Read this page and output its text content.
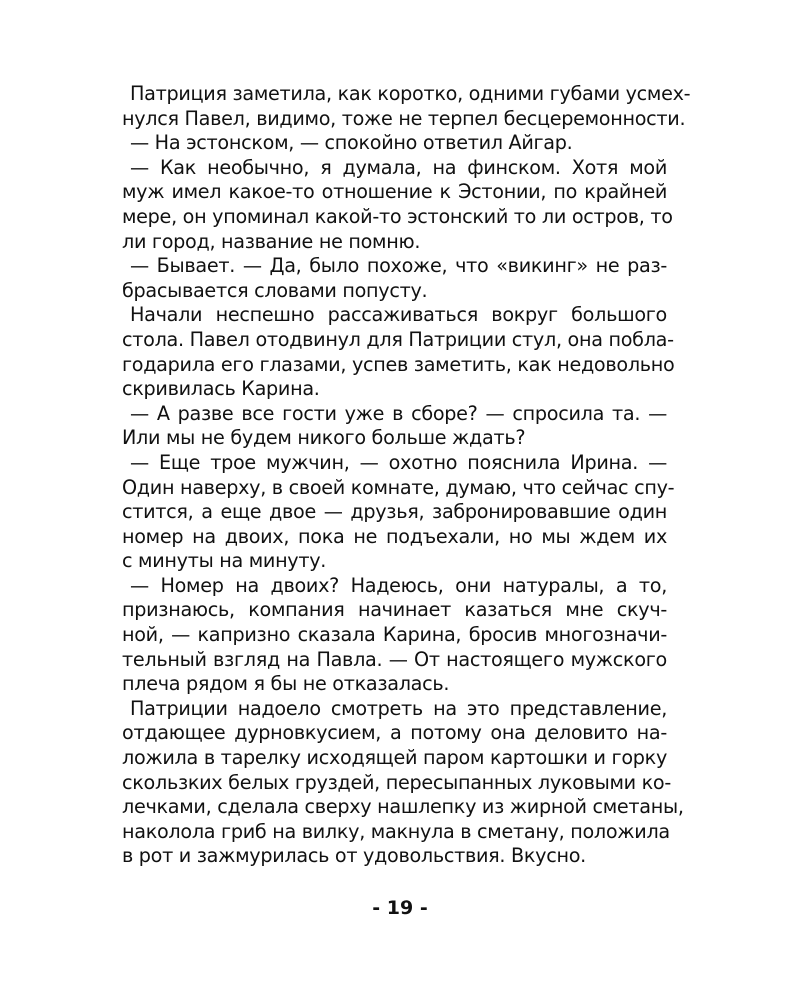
Патриция заметила, как коротко, одними губами усмех-
нулся Павел, видимо, тоже не терпел бесцеремонности.
— На эстонском, — спокойно ответил Айгар.
— Как необычно, я думала, на финском. Хотя мой
муж имел какое-то отношение к Эстонии, по крайней
мере, он упоминал какой-то эстонский то ли остров, то
ли город, название не помню.
— Бывает. — Да, было похоже, что «викинг» не раз-
брасывается словами попусту.
Начали неспешно рассаживаться вокруг большого
стола. Павел отодвинул для Патриции стул, она побла-
годарила его глазами, успев заметить, как недовольно
скривилась Карина.
— А разве все гости уже в сборе? — спросила та. —
Или мы не будем никого больше ждать?
— Еще трое мужчин, — охотно пояснила Ирина. —
Один наверху, в своей комнате, думаю, что сейчас спу-
стится, а еще двое — друзья, забронировавшие один
номер на двоих, пока не подъехали, но мы ждем их
с минуты на минуту.
— Номер на двоих? Надеюсь, они натуралы, а то,
признаюсь, компания начинает казаться мне скуч-
ной, — капризно сказала Карина, бросив многозначи-
тельный взгляд на Павла. — От настоящего мужского
плеча рядом я бы не отказалась.
Патриции надоело смотреть на это представление,
отдающее дурновкусием, а потому она деловито на-
ложила в тарелку исходящей паром картошки и горку
скользких белых груздей, пересыпанных луковыми ко-
лечками, сделала сверху нашлепку из жирной сметаны,
наколола гриб на вилку, макнула в сметану, положила
в рот и зажмурилась от удовольствия. Вкусно.
- 19 -
